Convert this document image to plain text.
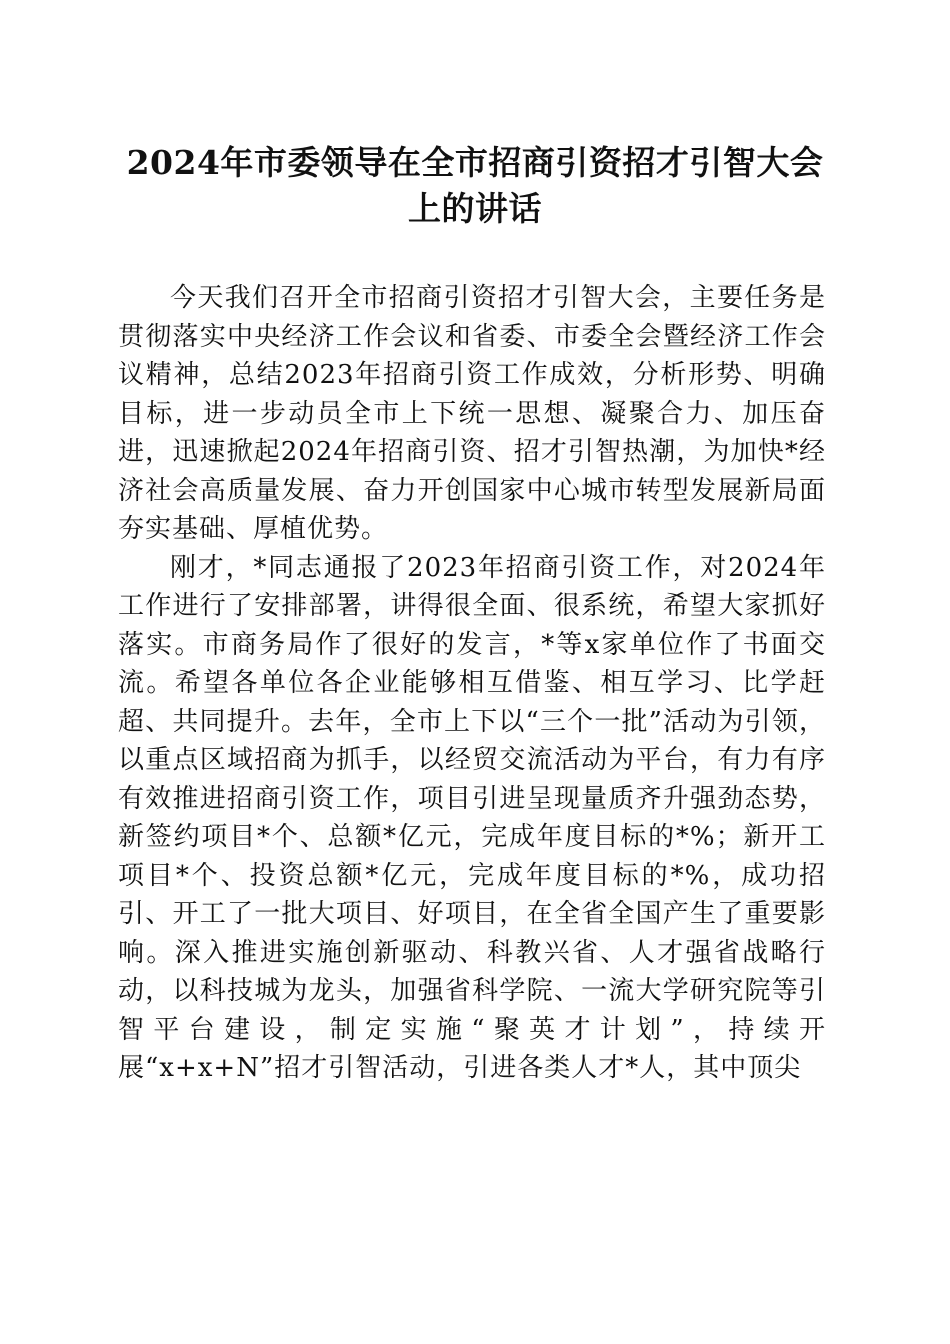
2024年市委领导在全市招商引资招才引智大会上的讲话

今天我们召开全市招商引资招才引智大会，主要任务是贯彻落实中央经济工作会议和省委、市委全会暨经济工作会议精神，总结2023年招商引资工作成效，分析形势、明确目标，进一步动员全市上下统一思想、凝聚合力、加压奋进，迅速掀起2024年招商引资、招才引智热潮，为加快*经济社会高质量发展、奋力开创国家中心城市转型发展新局面夯实基础、厚植优势。

刚才，*同志通报了2023年招商引资工作，对2024年工作进行了安排部署，讲得很全面、很系统，希望大家抓好落实。市商务局作了很好的发言，*等x家单位作了书面交流。希望各单位各企业能够相互借鉴、相互学习、比学赶超、共同提升。去年，全市上下以“三个一批”活动为引领，以重点区域招商为抓手，以经贸交流活动为平台，有力有序有效推进招商引资工作，项目引进呈现量质齐升强劲态势，新签约项目*个、总额*亿元，完成年度目标的*%；新开工项目*个、投资总额*亿元，完成年度目标的*%，成功招引、开工了一批大项目、好项目，在全省全国产生了重要影响。深入推进实施创新驱动、科教兴省、人才强省战略行动，以科技城为龙头，加强省科学院、一流大学研究院等引智平台建设，制定实施“聚英才计划”，持续开展“x+x+N”招才引智活动，引进各类人才*人，其中顶尖
